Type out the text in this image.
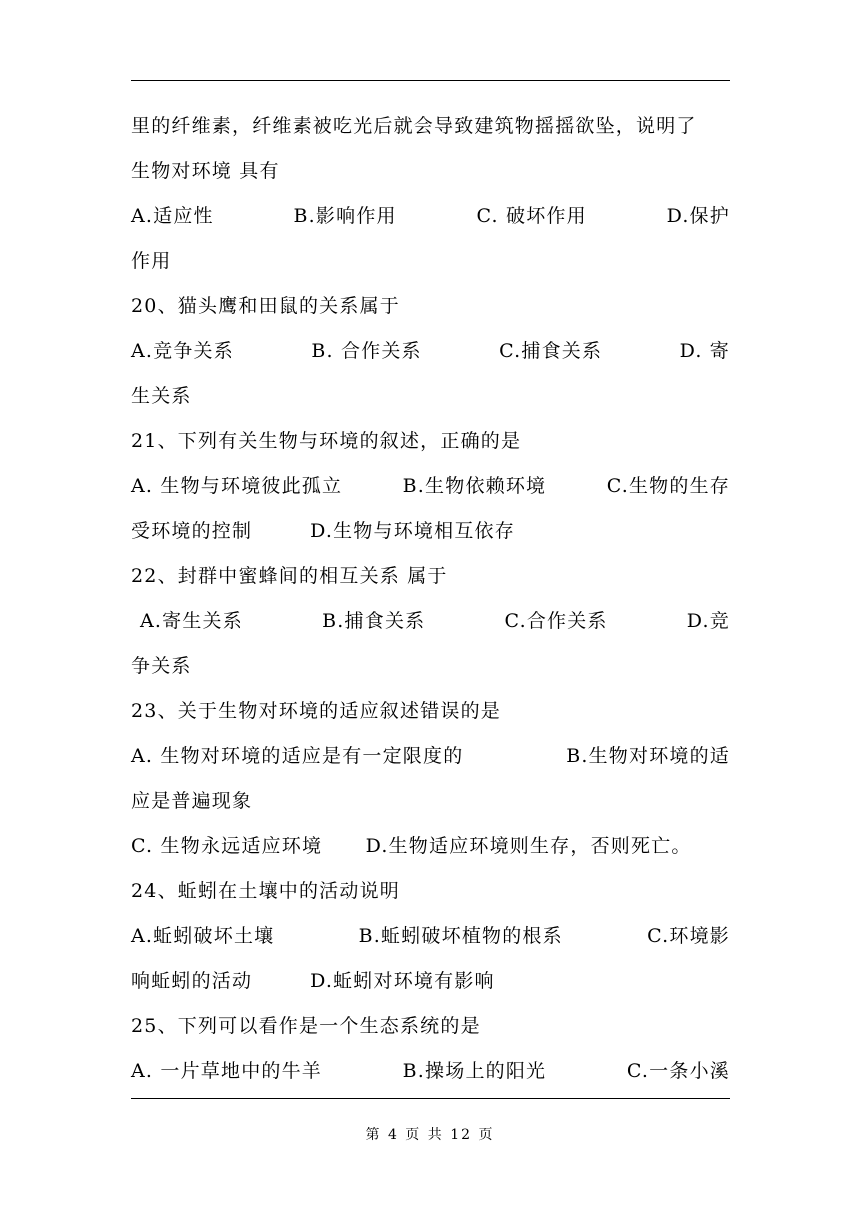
里的纤维素，纤维素被吃光后就会导致建筑物摇摇欲坠，说明了
生物对环境 具有
A.适应性	B.影响作用	C. 破坏作用	D.保护
作用
20、猫头鹰和田鼠的关系属于
A.竞争关系	B. 合作关系	C.捕食关系	D. 寄
生关系
21、下列有关生物与环境的叙述，正确的是
A. 生物与环境彼此孤立	B.生物依赖环境	C.生物的生存
受环境的控制        D.生物与环境相互依存
22、封群中蜜蜂间的相互关系 属于
A.寄生关系	B.捕食关系	C.合作关系	D.竞
争关系
23、关于生物对环境的适应叙述错误的是
A. 生物对环境的适应是有一定限度的	B.生物对环境的适
应是普遍现象
C. 生物永远适应环境      D.生物适应环境则生存，否则死亡。
24、蚯蚓在土壤中的活动说明
A.蚯蚓破坏土壤	B.蚯蚓破坏植物的根系	C.环境影
响蚯蚓的活动        D.蚯蚓对环境有影响
25、下列可以看作是一个生态系统的是
A. 一片草地中的牛羊	B.操场上的阳光	C.一条小溪
第 4 页 共 12 页
